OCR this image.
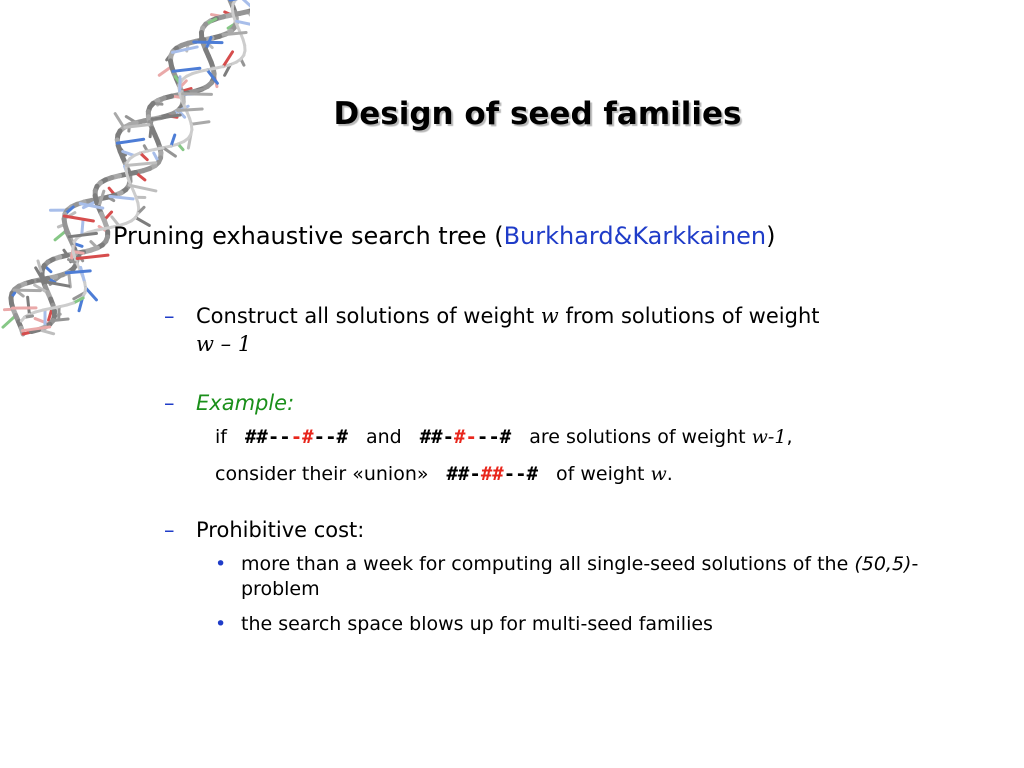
Design of seed families
Pruning exhaustive search tree (Burkhard&Karkkainen)
– Construct all solutions of weight w from solutions of weight
w – 1
– Example:
if ##---#--# and ##-#---# are solutions of weight w-1,
consider their «union» ##-##--# of weight w.
– Prohibitive cost:
• more than a week for computing all single-seed solutions of the (50,5)-problem
• the search space blows up for multi-seed families
